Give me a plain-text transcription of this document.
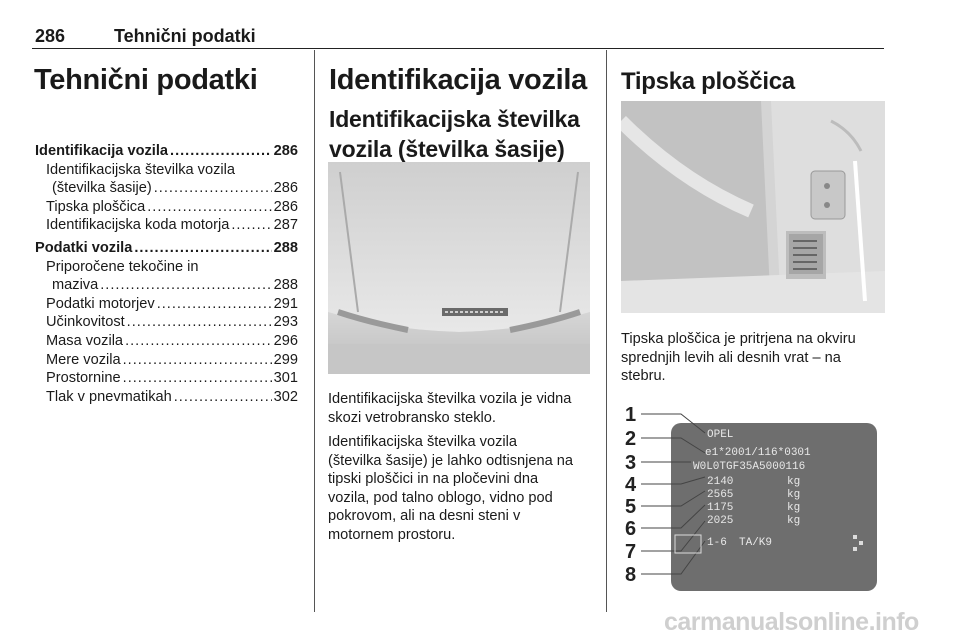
286	Tehnični podatki
Tehnični podatki
Identifikacija vozila .....	286
Identifikacijska številka vozila
(številka šasije) .....	286
Tipska ploščica .....	286
Identifikacijska koda motorja .....	287
Podatki vozila .....	288
Priporočene tekočine in
maziva .....	288
Podatki motorjev .....	291
Učinkovitost .....	293
Masa vozila .....	296
Mere vozila .....	299
Prostornine .....	301
Tlak v pnevmatikah .....	302
Identifikacija vozila
Identifikacijska številka
vozila (številka šasije)
Identifikacijska številka vozila je vidna
skozi vetrobransko steklo.
Identifikacijska številka vozila
(številka šasije) je lahko odtisnjena na
tipski ploščici in na pločevini dna
vozila, pod talno oblogo, vidno pod
pokrovom, ali na desni steni v
motornem prostoru.
Tipska ploščica
Tipska ploščica je pritrjena na okviru
sprednjih levih ali desnih vrat – na
stebru.
1
2
3
4
5
6
7
8
OPEL
e1*2001/116*0301
W0L0TGF35A5000116
2140
2565
1175
2025
kg
kg
kg
kg
1-6 TA/K9
carmanualsonline.info
